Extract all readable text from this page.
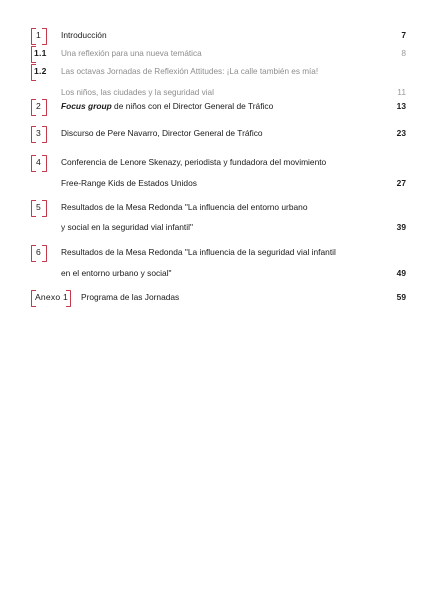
1	Introducción	7
1.1	Una reflexión para una nueva temática	8
1.2	Las octavas Jornadas de Reflexión Attitudes: ¡La calle también es mía!
Los niños, las ciudades y la seguridad vial	11
2	Focus group de niños con el Director General de Tráfico	13
3	Discurso de Pere Navarro, Director General de Tráfico	23
4	Conferencia de Lenore Skenazy, periodista y fundadora del movimiento
Free-Range Kids de Estados Unidos	27
5	Resultados de la Mesa Redonda "La influencia del entorno urbano
y social en la seguridad vial infantil"	39
6	Resultados de la Mesa Redonda "La influencia de la seguridad vial infantil
en el entorno urbano y social"	49
Anexo 1	Programa de las Jornadas	59
